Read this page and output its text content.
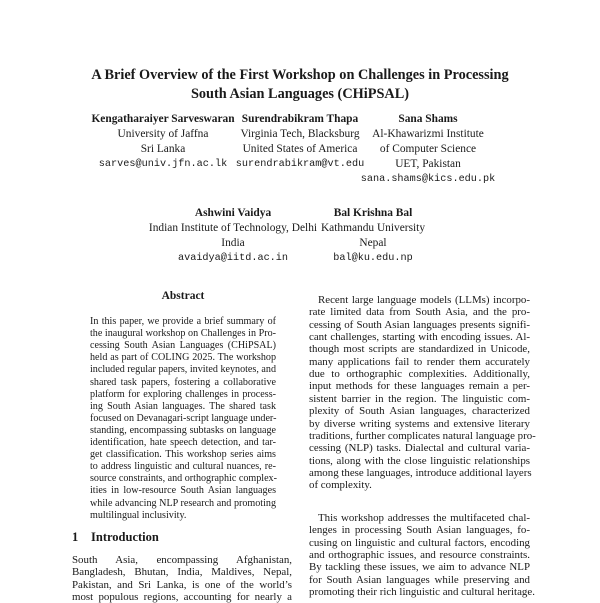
A Brief Overview of the First Workshop on Challenges in Processing
South Asian Languages (CHiPSAL)
Kengatharaiyer Sarveswaran
University of Jaffna
Sri Lanka
sarves@univ.jfn.ac.lk
Surendrabikram Thapa
Virginia Tech, Blacksburg
United States of America
surendrabikram@vt.edu
Sana Shams
Al-Khawarizmi Institute
of Computer Science
UET, Pakistan
sana.shams@kics.edu.pk
Ashwini Vaidya
Indian Institute of Technology, Delhi
India
avaidya@iitd.ac.in
Bal Krishna Bal
Kathmandu University
Nepal
bal@ku.edu.np
Abstract
In this paper, we provide a brief summary of
the inaugural workshop on Challenges in Pro-
cessing South Asian Languages (CHiPSAL)
held as part of COLING 2025. The workshop
included regular papers, invited keynotes, and
shared task papers, fostering a collaborative
platform for exploring challenges in process-
ing South Asian languages. The shared task
focused on Devanagari-script language under-
standing, encompassing subtasks on language
identification, hate speech detection, and tar-
get classification. This workshop series aims
to address linguistic and cultural nuances, re-
source constraints, and orthographic complex-
ities in low-resource South Asian languages
while advancing NLP research and promoting
multilingual inclusivity.
1 Introduction
South Asia, encompassing Afghanistan,
Bangladesh, Bhutan, India, Maldives, Nepal,
Pakistan, and Sri Lanka, is one of the world’s
most populous regions, accounting for nearly a
Recent large language models (LLMs) incorpo-
rate limited data from South Asia, and the pro-
cessing of South Asian languages presents signifi-
cant challenges, starting with encoding issues. Al-
though most scripts are standardized in Unicode,
many applications fail to render them accurately
due to orthographic complexities. Additionally,
input methods for these languages remain a per-
sistent barrier in the region. The linguistic com-
plexity of South Asian languages, characterized
by diverse writing systems and extensive literary
traditions, further complicates natural language pro-
cessing (NLP) tasks. Dialectal and cultural varia-
tions, along with the close linguistic relationships
among these languages, introduce additional layers
of complexity.
This workshop addresses the multifaceted chal-
lenges in processing South Asian languages, fo-
cusing on linguistic and cultural factors, encoding
and orthographic issues, and resource constraints.
By tackling these issues, we aim to advance NLP
for South Asian languages while preserving and
promoting their rich linguistic and cultural heritage.
